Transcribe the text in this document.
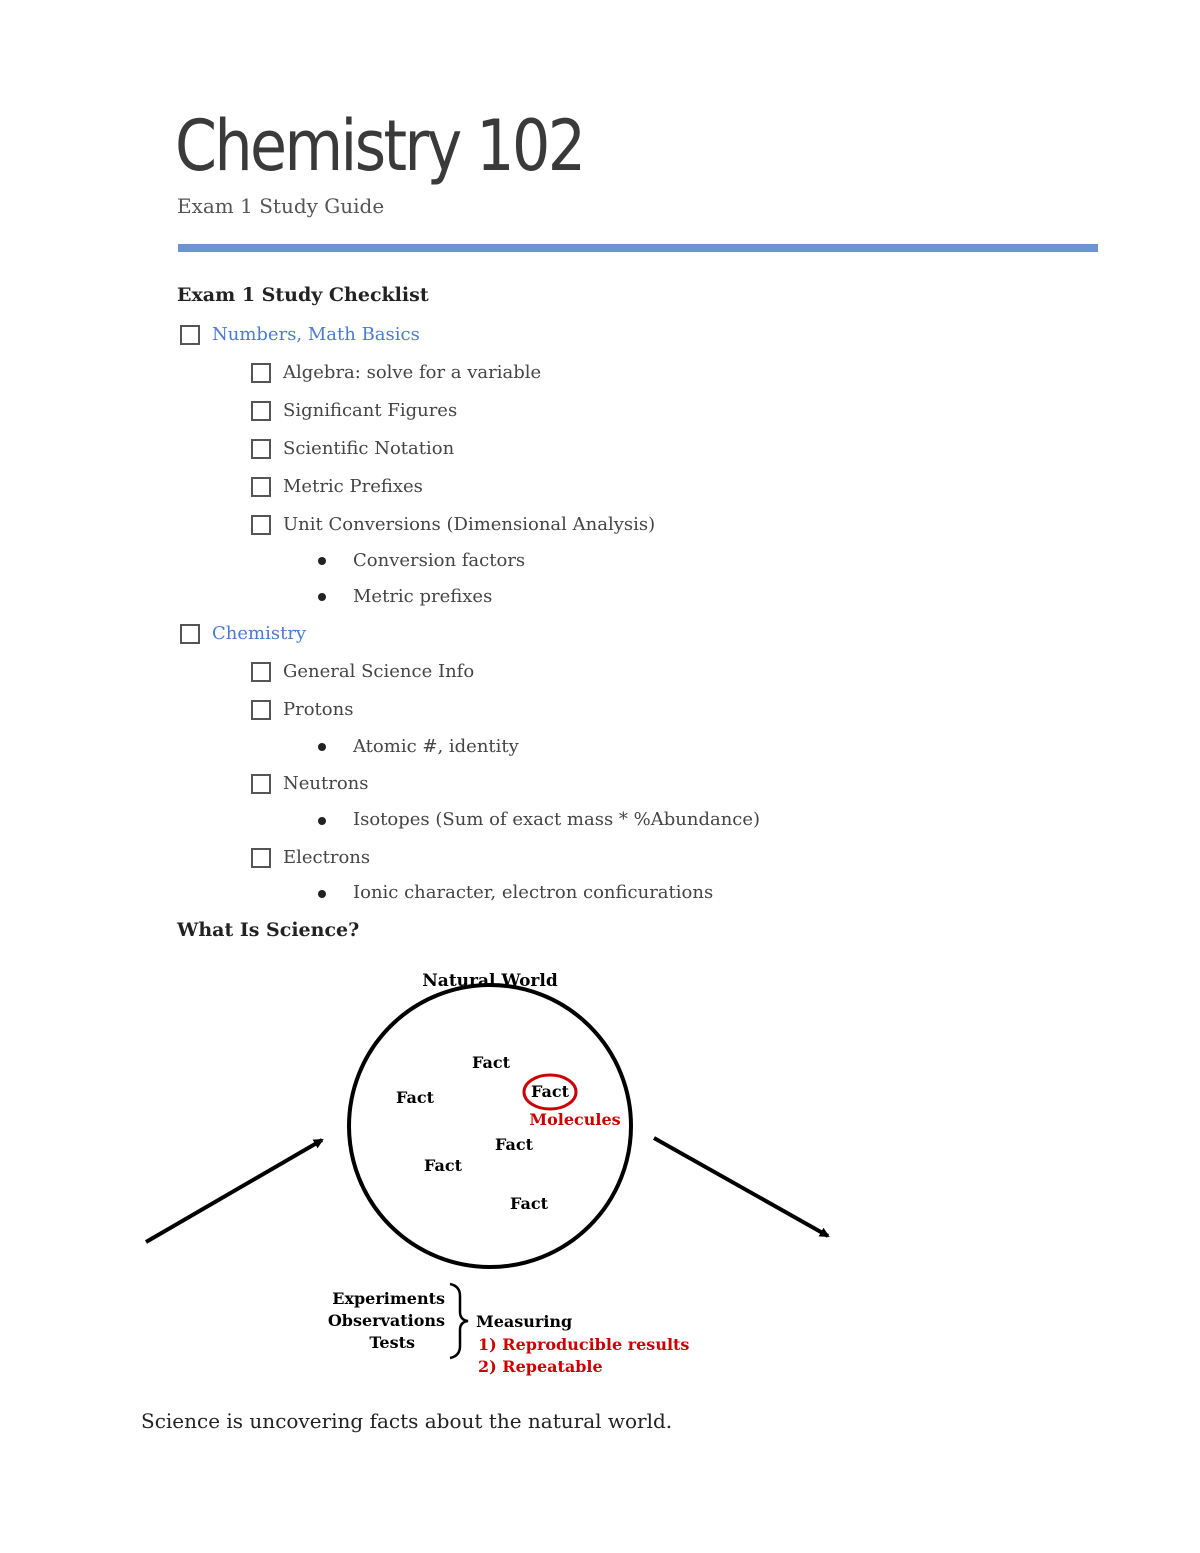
Chemistry 102
Exam 1 Study Guide
Exam 1 Study Checklist
Numbers, Math Basics
Algebra: solve for a variable
Significant Figures
Scientific Notation
Metric Prefixes
Unit Conversions (Dimensional Analysis)
Conversion factors
Metric prefixes
Chemistry
General Science Info
Protons
Atomic #, identity
Neutrons
Isotopes (Sum of exact mass * %Abundance)
Electrons
Ionic character, electron conficurations
What Is Science?
Natural World
Fact
Fact	Fact
Molecules
Fact
Fact
Fact
Experiments
Observations
Tests
Measuring
1) Reproducible results
2) Repeatable
Science is uncovering facts about the natural world.
